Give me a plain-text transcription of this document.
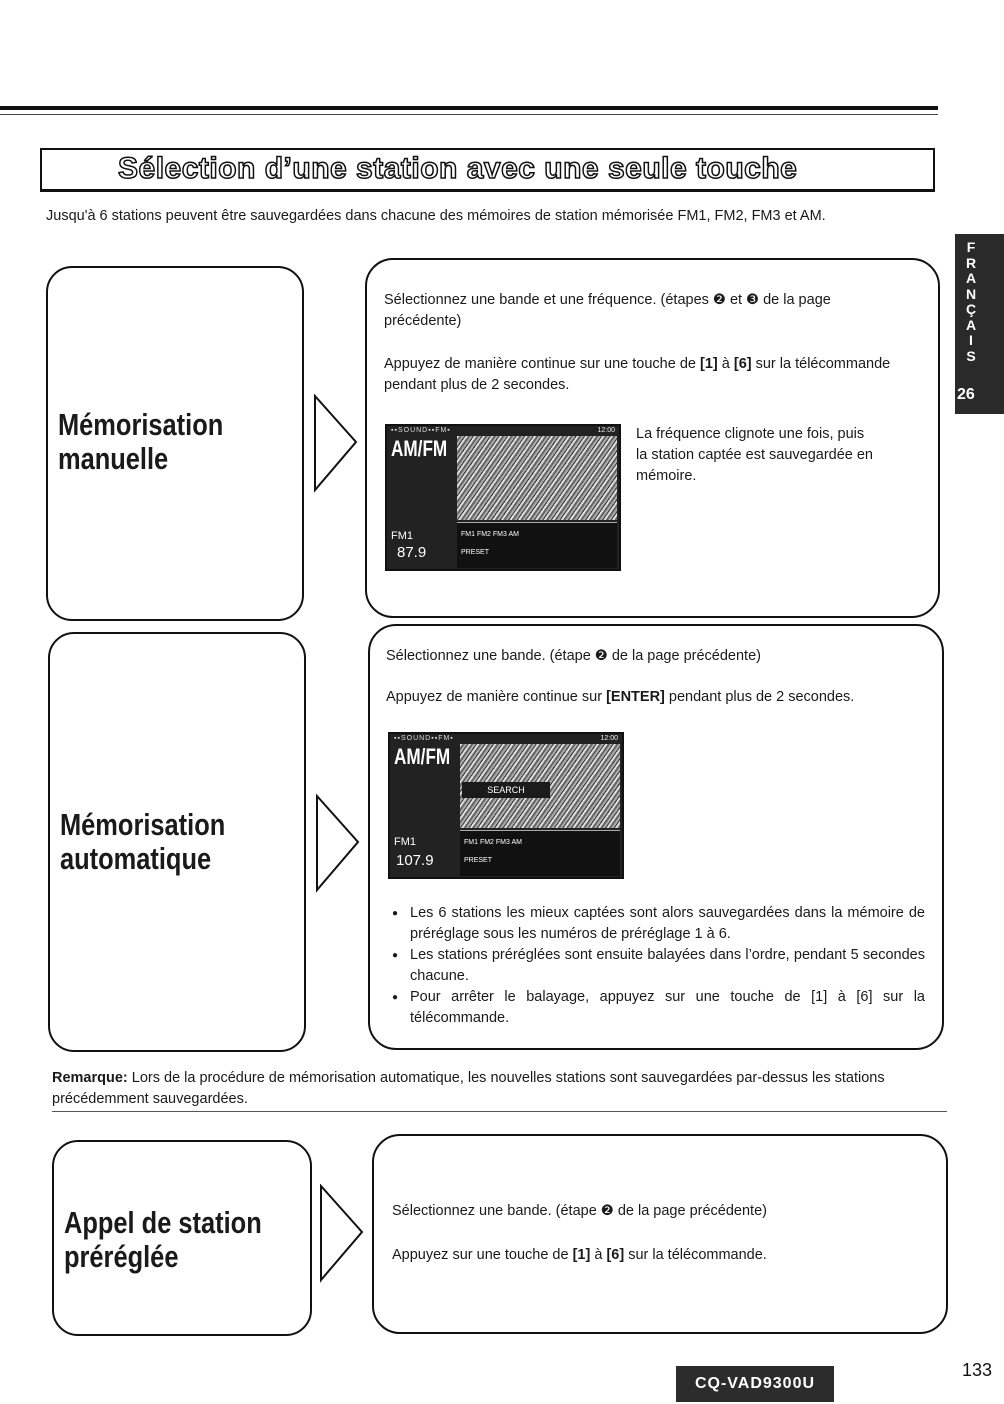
Sélection d’une station avec une seule touche
Jusqu'à 6 stations peuvent être sauvegardées dans chacune des mémoires de station mémorisée FM1, FM2, FM3 et AM.
F R A N Ç A I S
26
Mémorisation
manuelle
Sélectionnez une bande et une fréquence. (étapes ❷ et ❸ de la page précédente)
Appuyez de manière continue sur une touche de [1] à [6] sur la télécommande pendant plus de 2 secondes.
▪▪SOUND▪▪FM▪	12:00
AM/FM
FM1
87.9
FM1 FM2 FM3 AM
PRESET
La fréquence clignote une fois, puis la station captée est sauvegardée en mémoire.
Mémorisation
automatique
Sélectionnez une bande. (étape ❷ de la page précédente)
Appuyez de manière continue sur [ENTER] pendant plus de 2 secondes.
▪▪SOUND▪▪FM▪	12:00
AM/FM
SEARCH
FM1
107.9
FM1 FM2 FM3 AM
PRESET
● Les 6 stations les mieux captées sont alors sauvegardées dans la mémoire de préréglage sous les numéros de préréglage 1 à 6.
● Les stations préréglées sont ensuite balayées dans l’ordre, pendant 5 secondes chacune.
● Pour arrêter le balayage, appuyez sur une touche de [1] à [6] sur la télécommande.
Remarque: Lors de la procédure de mémorisation automatique, les nouvelles stations sont sauvegardées par-dessus les stations précédemment sauvegardées.
Appel de station
préréglée
Sélectionnez une bande. (étape ❷ de la page précédente)
Appuyez sur une touche de [1] à [6] sur la télécommande.
CQ-VAD9300U
133
